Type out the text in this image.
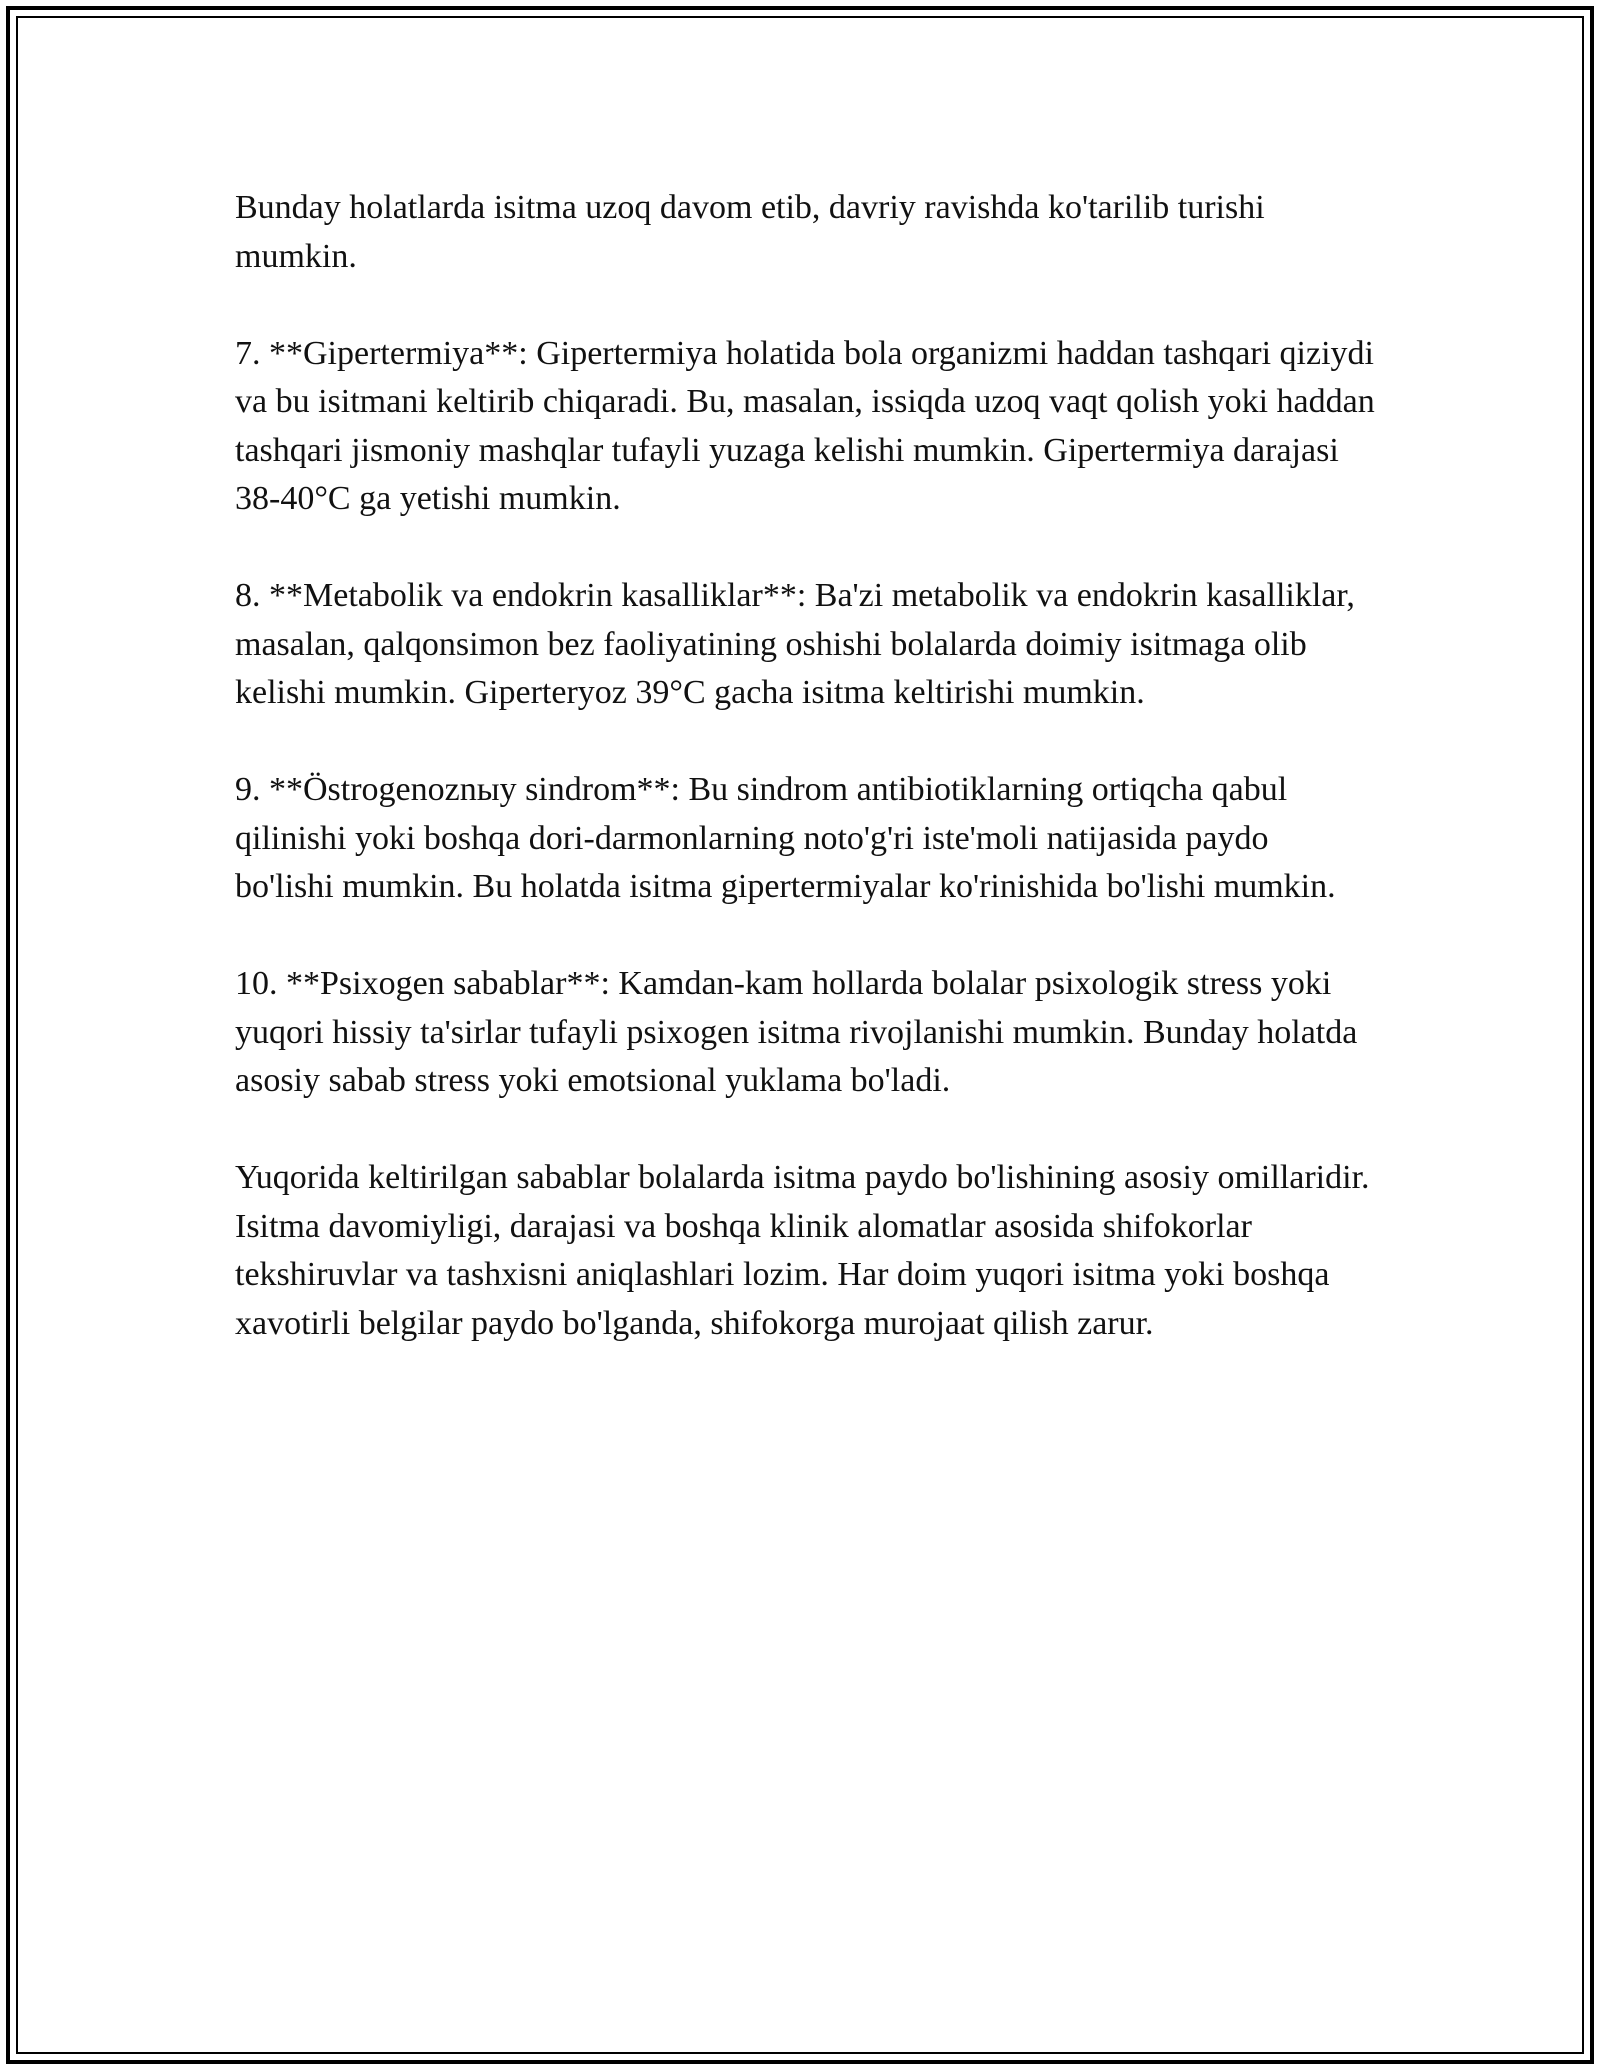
Bunday holatlarda isitma uzoq davom etib, davriy ravishda ko'tarilib turishi mumkin.

7. **Gipertermiya**: Gipertermiya holatida bola organizmi haddan tashqari qiziydi va bu isitmani keltirib chiqaradi. Bu, masalan, issiqda uzoq vaqt qolish yoki haddan tashqari jismoniy mashqlar tufayli yuzaga kelishi mumkin. Gipertermiya darajasi 38-40°C ga yetishi mumkin.

8. **Metabolik va endokrin kasalliklar**: Ba'zi metabolik va endokrin kasalliklar, masalan, qalqonsimon bez faoliyatining oshishi bolalarda doimiy isitmaga olib kelishi mumkin. Giperteryoz 39°C gacha isitma keltirishi mumkin.

9. **Östrogenoznыy sindrom**: Bu sindrom antibiotiklarning ortiqcha qabul qilinishi yoki boshqa dori-darmonlarning noto'g'ri iste'moli natijasida paydo bo'lishi mumkin. Bu holatda isitma gipertermiyalar ko'rinishida bo'lishi mumkin.

10. **Psixogen sabablar**: Kamdan-kam hollarda bolalar psixologik stress yoki yuqori hissiy ta'sirlar tufayli psixogen isitma rivojlanishi mumkin. Bunday holatda asosiy sabab stress yoki emotsional yuklama bo'ladi.

Yuqorida keltirilgan sabablar bolalarda isitma paydo bo'lishining asosiy omillaridir. Isitma davomiyligi, darajasi va boshqa klinik alomatlar asosida shifokorlar tekshiruvlar va tashxisni aniqlashlari lozim. Har doim yuqori isitma yoki boshqa xavotirli belgilar paydo bo'lganda, shifokorga murojaat qilish zarur.
